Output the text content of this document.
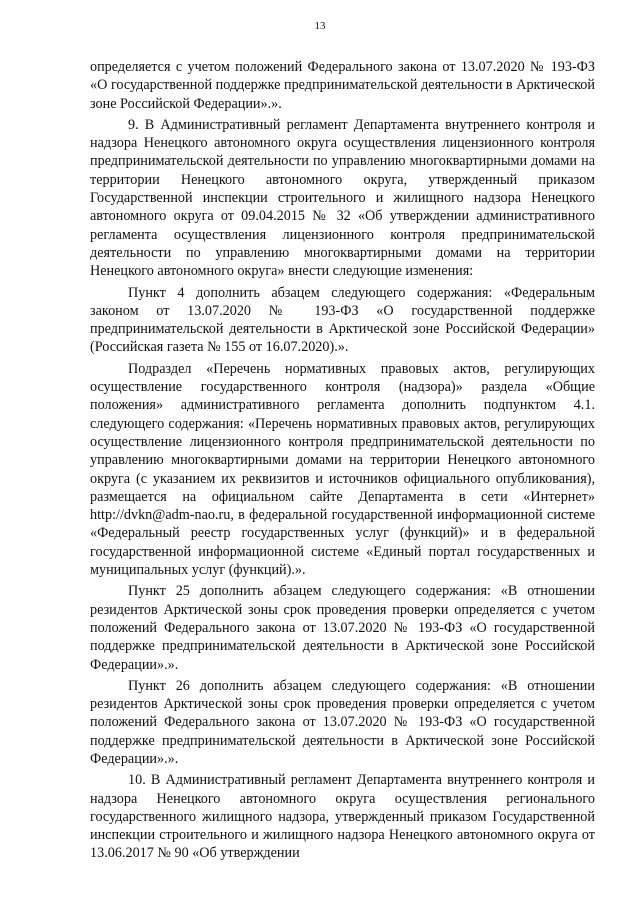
13

определяется с учетом положений Федерального закона от 13.07.2020 № 193-ФЗ «О государственной поддержке предпринимательской деятельности в Арктической зоне Российской Федерации».».

9. В Административный регламент Департамента внутреннего контроля и надзора Ненецкого автономного округа осуществления лицензионного контроля предпринимательской деятельности по управлению многоквартирными домами на территории Ненецкого автономного округа, утвержденный приказом Государственной инспекции строительного и жилищного надзора Ненецкого автономного округа от 09.04.2015 № 32 «Об утверждении административного регламента осуществления лицензионного контроля предпринимательской деятельности по управлению многоквартирными домами на территории Ненецкого автономного округа» внести следующие изменения:

Пункт 4 дополнить абзацем следующего содержания: «Федеральным законом от 13.07.2020 № 193-ФЗ «О государственной поддержке предпринимательской деятельности в Арктической зоне Российской Федерации» (Российская газета № 155 от 16.07.2020).».

Подраздел «Перечень нормативных правовых актов, регулирующих осуществление государственного контроля (надзора)» раздела «Общие положения» административного регламента дополнить подпунктом 4.1. следующего содержания: «Перечень нормативных правовых актов, регулирующих осуществление лицензионного контроля предпринимательской деятельности по управлению многоквартирными домами на территории Ненецкого автономного округа (с указанием их реквизитов и источников официального опубликования), размещается на официальном сайте Департамента в сети «Интернет» http://dvkn@adm-nao.ru, в федеральной государственной информационной системе «Федеральный реестр государственных услуг (функций)» и в федеральной государственной информационной системе «Единый портал государственных и муниципальных услуг (функций).».

Пункт 25 дополнить абзацем следующего содержания: «В отношении резидентов Арктической зоны срок проведения проверки определяется с учетом положений Федерального закона от 13.07.2020 № 193-ФЗ «О государственной поддержке предпринимательской деятельности в Арктической зоне Российской Федерации».».

Пункт 26 дополнить абзацем следующего содержания: «В отношении резидентов Арктической зоны срок проведения проверки определяется с учетом положений Федерального закона от 13.07.2020 № 193-ФЗ «О государственной поддержке предпринимательской деятельности в Арктической зоне Российской Федерации».».

10. В Административный регламент Департамента внутреннего контроля и надзора Ненецкого автономного округа осуществления регионального государственного жилищного надзора, утвержденный приказом Государственной инспекции строительного и жилищного надзора Ненецкого автономного округа от 13.06.2017 № 90 «Об утверждении
